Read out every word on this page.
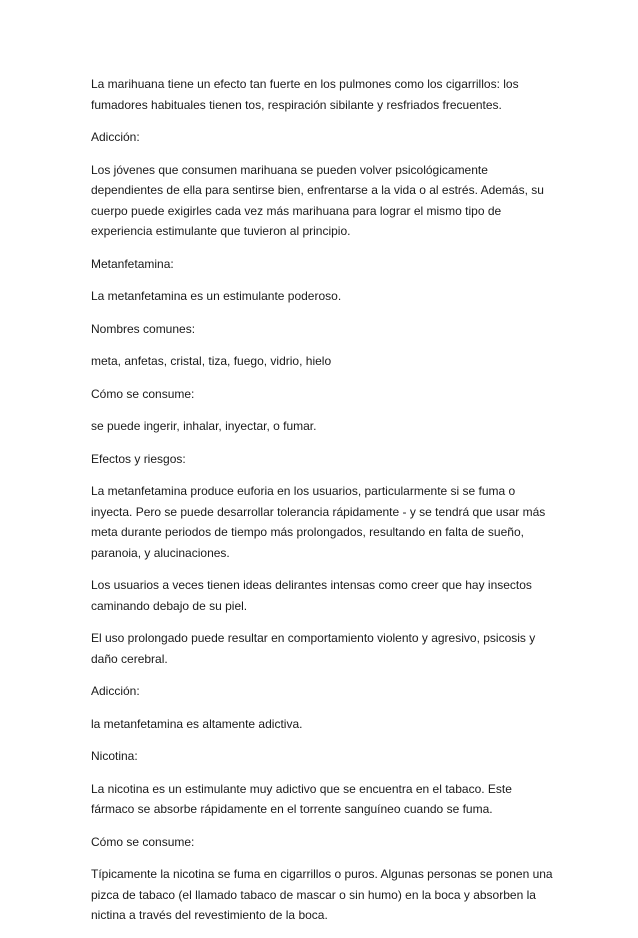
La marihuana tiene un efecto tan fuerte en los pulmones como los cigarrillos: los
fumadores habituales tienen tos, respiración sibilante y resfriados frecuentes.

Adicción:

Los jóvenes que consumen marihuana se pueden volver psicológicamente
dependientes de ella para sentirse bien, enfrentarse a la vida o al estrés. Además, su
cuerpo puede exigirles cada vez más marihuana para lograr el mismo tipo de
experiencia estimulante que tuvieron al principio.

Metanfetamina:

La metanfetamina es un estimulante poderoso.

Nombres comunes:

meta, anfetas, cristal, tiza, fuego, vidrio, hielo

Cómo se consume:

se puede ingerir, inhalar, inyectar, o fumar.

Efectos y riesgos:

La metanfetamina produce euforia en los usuarios, particularmente si se fuma o
inyecta. Pero se puede desarrollar tolerancia rápidamente - y se tendrá que usar más
meta durante periodos de tiempo más prolongados, resultando en falta de sueño,
paranoia, y alucinaciones.

Los usuarios a veces tienen ideas delirantes intensas como creer que hay insectos
caminando debajo de su piel.

El uso prolongado puede resultar en comportamiento violento y agresivo, psicosis y
daño cerebral.

Adicción:

la metanfetamina es altamente adictiva.

Nicotina:

La nicotina es un estimulante muy adictivo que se encuentra en el tabaco. Este
fármaco se absorbe rápidamente en el torrente sanguíneo cuando se fuma.

Cómo se consume:

Típicamente la nicotina se fuma en cigarrillos o puros. Algunas personas se ponen una
pizca de tabaco (el llamado tabaco de mascar o sin humo) en la boca y absorben la
nictina a través del revestimiento de la boca.
